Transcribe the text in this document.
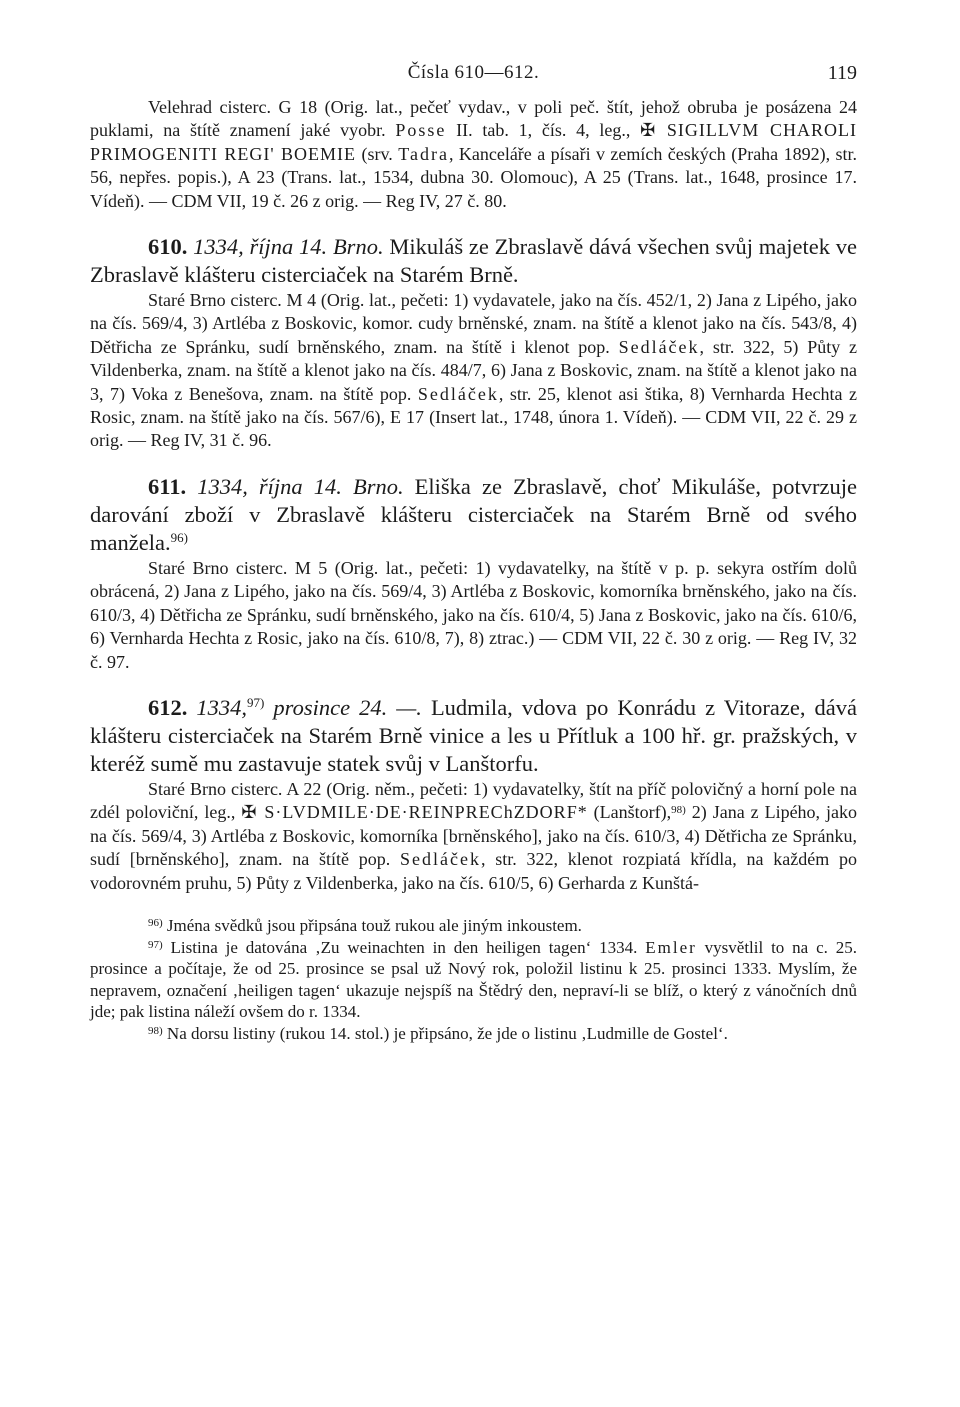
Čísla 610—612.	119

Velehrad cisterc. G 18 (Orig. lat., pečeť vydav., v poli peč. štít, jehož obruba je posázena 24 puklami, na štítě znamení jaké vyobr. Posse II. tab. 1, čís. 4, leg., ✠ SIGILLVM CHAROLI PRIMOGENITI REGI' BOEMIE (srv. Tadra, Kanceláře a písaři v zemích českých (Praha 1892), str. 56, nepřes. popis.), A 23 (Trans. lat., 1534, dubna 30. Olomouc), A 25 (Trans. lat., 1648, prosince 17. Vídeň). — CDM VII, 19 č. 26 z orig. — Reg IV, 27 č. 80.

610. 1334, října 14. Brno. Mikuláš ze Zbraslavě dává všechen svůj majetek ve Zbraslavě klášteru cisterciaček na Starém Brně.

Staré Brno cisterc. M 4 (Orig. lat., pečeti: 1) vydavatele, jako na čís. 452/1, 2) Jana z Lipého, jako na čís. 569/4, 3) Artléba z Boskovic, komor. cudy brněnské, znam. na štítě a klenot jako na čís. 543/8, 4) Dětřicha ze Spránku, sudí brněnského, znam. na štítě i klenot pop. Sedláček, str. 322, 5) Půty z Vildenberka, znam. na štítě a klenot jako na čís. 484/7, 6) Jana z Boskovic, znam. na štítě a klenot jako na 3, 7) Voka z Benešova, znam. na štítě pop. Sedláček, str. 25, klenot asi štika, 8) Vernharda Hechta z Rosic, znam. na štítě jako na čís. 567/6), E 17 (Insert lat., 1748, února 1. Vídeň). — CDM VII, 22 č. 29 z orig. — Reg IV, 31 č. 96.

611. 1334, října 14. Brno. Eliška ze Zbraslavě, choť Mikuláše, potvrzuje darování zboží v Zbraslavě klášteru cisterciaček na Starém Brně od svého manžela.$^{96)}$

Staré Brno cisterc. M 5 (Orig. lat., pečeti: 1) vydavatelky, na štítě v p. p. sekyra ostřím dolů obrácená, 2) Jana z Lipého, jako na čís. 569/4, 3) Artléba z Boskovic, komorníka brněnského, jako na čís. 610/3, 4) Dětřicha ze Spránku, sudí brněnského, jako na čís. 610/4, 5) Jana z Boskovic, jako na čís. 610/6, 6) Vernharda Hechta z Rosic, jako na čís. 610/8, 7), 8) ztrac.) — CDM VII, 22 č. 30 z orig. — Reg IV, 32 č. 97.

612. 1334,$^{97)}$ prosince 24. —. Ludmila, vdova po Konrádu z Vitoraze, dává klášteru cisterciaček na Starém Brně vinice a les u Přítluk a 100 hř. gr. pražských, v kteréž sumě mu zastavuje statek svůj v Lanštorfu.

Staré Brno cisterc. A 22 (Orig. něm., pečeti: 1) vydavatelky, štít na příč polovičný a horní pole na zdél poloviční, leg., ✠ S·LVDMILE·DE·REINPREChZDORF* (Lanštorf),$^{98)}$ 2) Jana z Lipého, jako na čís. 569/4, 3) Artléba z Boskovic, komorníka [brněnského], jako na čís. 610/3, 4) Dětřicha ze Spránku, sudí [brněnského], znam. na štítě pop. Sedláček, str. 322, klenot rozpiatá křídla, na každém po vodorovném pruhu, 5) Půty z Vildenberka, jako na čís. 610/5, 6) Gerharda z Kunštá-

$^{96)}$ Jména svědků jsou připsána touž rukou ale jiným inkoustem.

$^{97)}$ Listina je datována ‚Zu weinachten in den heiligen tagen‘ 1334. Emler vysvětlil to na c. 25. prosince a počítaje, že od 25. prosince se psal už Nový rok, položil listinu k 25. prosinci 1333. Myslím, že nepravem, označení ‚heiligen tagen‘ ukazuje nejspíš na Štědrý den, nepraví-li se blíž, o který z vánočních dnů jde; pak listina náleží ovšem do r. 1334.

$^{98)}$ Na dorsu listiny (rukou 14. stol.) je připsáno, že jde o listinu ‚Ludmille de Gostel‘.
